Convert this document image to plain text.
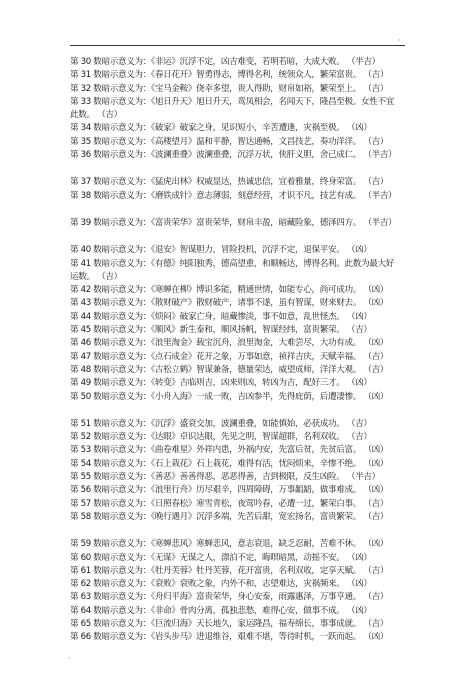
·
第 30 数暗示意义为：《非运》沉浮不定，凶吉难变，若明若暗，大成大败。 （半吉）
第 31 数暗示意义为：《春日花开》智勇得志，博得名利，统领众人，繁荣富贵。 （吉）
第 32 数暗示意义为：《宝马金鞍》侥幸多望，贵人得助，财帛如裕，繁荣至上。 （吉）
第 33 数暗示意义为：《旭日升天》旭日升天，鸾凤相会，名闻天下，隆昌至极。女性不宜
此数。 （吉）
第 34 数暗示意义为：《破家》破家之身，见识短小，辛苦遭逢，灾祸至极。 （凶）
第 35 数暗示意义为：《高楼望月》温和平静，智达通畅，文昌技艺，奏功洋洋。 （吉）
第 36 数暗示意义为：《波澜重叠》波澜重叠，沉浮万状，侠肝义胆，舍己成仁。 （半吉）
第 37 数暗示意义为：《猛虎出林》权威显达，热诚忠信，宜着雅量，终身荣富。 （吉）
第 38 数暗示意义为：《磨铁成针》意志薄弱，刻意经营，才识不凡，技艺有成。 （半吉）
第 39 数暗示意义为：《富贵荣华》富贵荣华，财帛丰盈，暗藏险象，德泽四方。 （半吉）
第 40 数暗示意义为：《退安》智谋胆力，冒险投机，沉浮不定，退保平安。 （凶）
第 41 数暗示意义为：《有德》纯阳独秀，德高望重，和顺畅达，博得名利。此数为最大好
运数。 （吉）
第 42 数暗示意义为：《寒蝉在柳》博识多能，精通世情，如能专心，尚可成功。 （凶）
第 43 数暗示意义为：《散财破产》散财破产，诸事不遂，虽有智谋，财来财去。 （凶）
第 44 数暗示意义为：《烦闷》破家亡身，暗藏惨淡，事不如意，乱世怪杰。 （凶）
第 45 数暗示意义为：《顺风》新生泰和，顺风扬帆，智谋经纬，富贵繁荣。 （吉）
第 46 数暗示意义为：《浪里淘金》载宝沉舟，浪里淘金，大难尝尽，大功有成。 （凶）
第 47 数暗示意义为：《点石成金》花开之象，万事如意，祯祥吉庆，天赋幸福。 （吉）
第 48 数暗示意义为：《古松立鹤》智谋兼备，德量荣达，威望成师，洋洋大观。 （吉）
第 49 数暗示意义为：《转变》吉临则吉，凶来则凶，转凶为吉，配好三才。 （凶）
第 50 数暗示意义为：《小舟入海》一成一败，吉凶参半，先得庇荫，后遭凄惨。 （凶）
第 51 数暗示意义为：《沉浮》盛衰交加，波澜重叠，如能慎始，必获成功。 （吉）
第 52 数暗示意义为：《达眼》卓识达眼，先见之明，智谋超群，名利双收。 （吉）
第 53 数暗示意义为：《曲卷难星》外祥内患，外祸内安，先富后贫，先贫后富。 （凶）
第 54 数暗示意义为：《石上栽花》石上栽花，难得有活，忧闷烦来，辛惨不绝。 （凶）
第 55 数暗示意义为：《善恶》善善得恶，恶恶得善，吉到极限，反生凶险。 （半吉）
第 56 数暗示意义为：《浪里行舟》历尽艰辛，四周障碍，万事龃龉，做事难成。 （凶）
第 57 数暗示意义为：《日照春松》寒雪青松，夜莺吟春，必遭一过，繁荣白事。 （吉）
第 58 数暗示意义为：《晚行遇月》沉浮多端，先苦后甜，宽宏扬名，富贵繁荣。 （吉）
第 59 数暗示意义为：《寒蝉悲风》寒蝉悲风，意志衰退，缺乏忍耐，苦难不休。 （凶）
第 60 数暗示意义为：《无谋》无谋之人，漂泊不定，晦暝暗黑，动摇不安。 （凶）
第 61 数暗示意义为：《牡丹芙蓉》牡丹芙蓉，花开富贵，名利双收，定享天赋。 （吉）
第 62 数暗示意义为：《衰败》衰败之象，内外不和，志望难达，灾祸频来。 （凶）
第 63 数暗示意义为：《舟归平海》富贵荣华，身心安泰，雨露惠泽，万事亨通。 （吉）
第 64 数暗示意义为：《非命》骨肉分离，孤独悲愁，难得心安，做事不成。 （凶）
第 65 数暗示意义为：《巨流归海》天长地久，家运隆昌，福寿绵长，事事成就。 （吉）
第 66 数暗示意义为：《岩头步马》进退维谷，艰难不堪，等待时机，一跃而起。 （凶）
·
